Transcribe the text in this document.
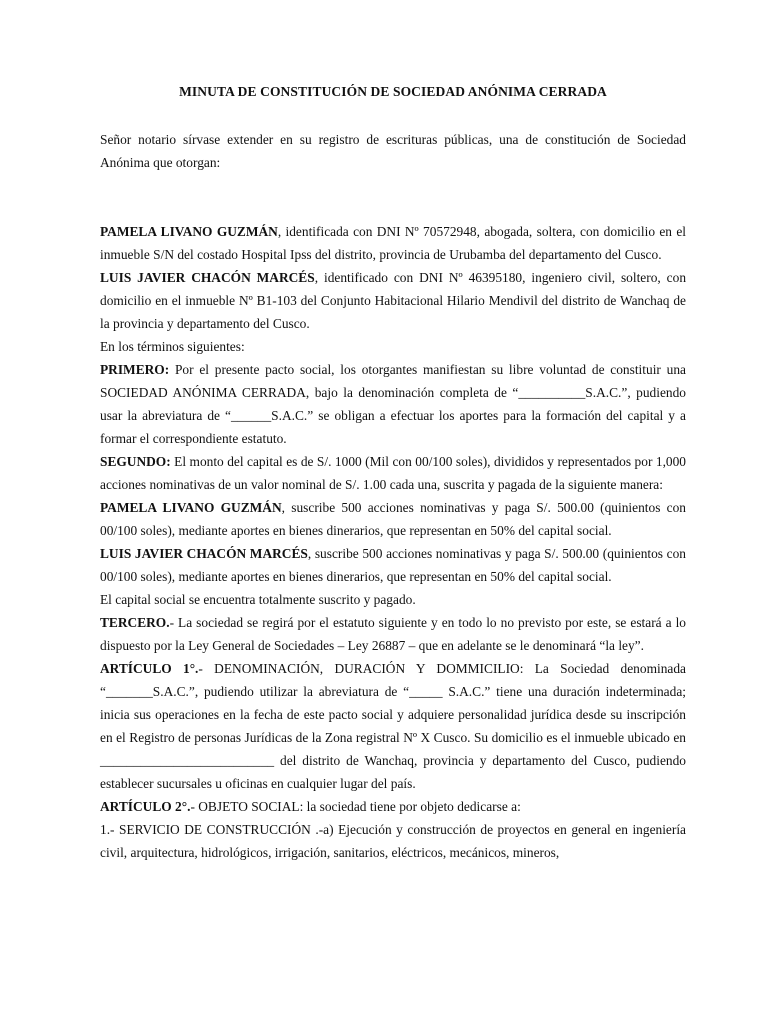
MINUTA DE CONSTITUCIÓN DE SOCIEDAD ANÓNIMA CERRADA

Señor notario sírvase extender en su registro de escrituras públicas, una de constitución de Sociedad Anónima que otorgan:

PAMELA LIVANO GUZMÁN, identificada con DNI Nº 70572948, abogada, soltera, con domicilio en el inmueble S/N del costado Hospital Ipss del distrito, provincia de Urubamba del departamento del Cusco.

LUIS JAVIER CHACÓN MARCÉS, identificado con DNI Nº 46395180, ingeniero civil, soltero, con domicilio en el inmueble Nº B1-103 del Conjunto Habitacional Hilario Mendivil del distrito de Wanchaq de la provincia y departamento del Cusco.

En los términos siguientes:

PRIMERO: Por el presente pacto social, los otorgantes manifiestan su libre voluntad de constituir una SOCIEDAD ANÓNIMA CERRADA, bajo la denominación completa de “__________S.A.C.”, pudiendo usar la abreviatura de “______S.A.C.” se obligan a efectuar los aportes para la formación del capital y a formar el correspondiente estatuto.

SEGUNDO: El monto del capital es de S/. 1000 (Mil con 00/100 soles), divididos y representados por 1,000 acciones nominativas de un valor nominal de S/. 1.00 cada una, suscrita y pagada de la siguiente manera:

PAMELA LIVANO GUZMÁN, suscribe 500 acciones nominativas y paga S/. 500.00 (quinientos con 00/100 soles), mediante aportes en bienes dinerarios, que representan en 50% del capital social.

LUIS JAVIER CHACÓN MARCÉS, suscribe 500 acciones nominativas y paga S/. 500.00 (quinientos con 00/100 soles), mediante aportes en bienes dinerarios, que representan en 50% del capital social.

El capital social se encuentra totalmente suscrito y pagado.

TERCERO.- La sociedad se regirá por el estatuto siguiente y en todo lo no previsto por este, se estará a lo dispuesto por la Ley General de Sociedades – Ley 26887 – que en adelante se le denominará “la ley”.

ARTÍCULO 1°.- DENOMINACIÓN, DURACIÓN Y DOMMICILIO: La Sociedad denominada “_______S.A.C.”, pudiendo utilizar la abreviatura de “_____ S.A.C.” tiene una duración indeterminada; inicia sus operaciones en la fecha de este pacto social y adquiere personalidad jurídica desde su inscripción en el Registro de personas Jurídicas de la Zona registral Nº X Cusco. Su domicilio es el inmueble ubicado en __________________________ del distrito de Wanchaq, provincia y departamento del Cusco, pudiendo establecer sucursales u oficinas en cualquier lugar del país.

ARTÍCULO 2°.- OBJETO SOCIAL: la sociedad tiene por objeto dedicarse a:

1.- SERVICIO DE CONSTRUCCIÓN .-a) Ejecución y construcción de proyectos en general en ingeniería civil, arquitectura, hidrológicos, irrigación, sanitarios, eléctricos, mecánicos, mineros,
